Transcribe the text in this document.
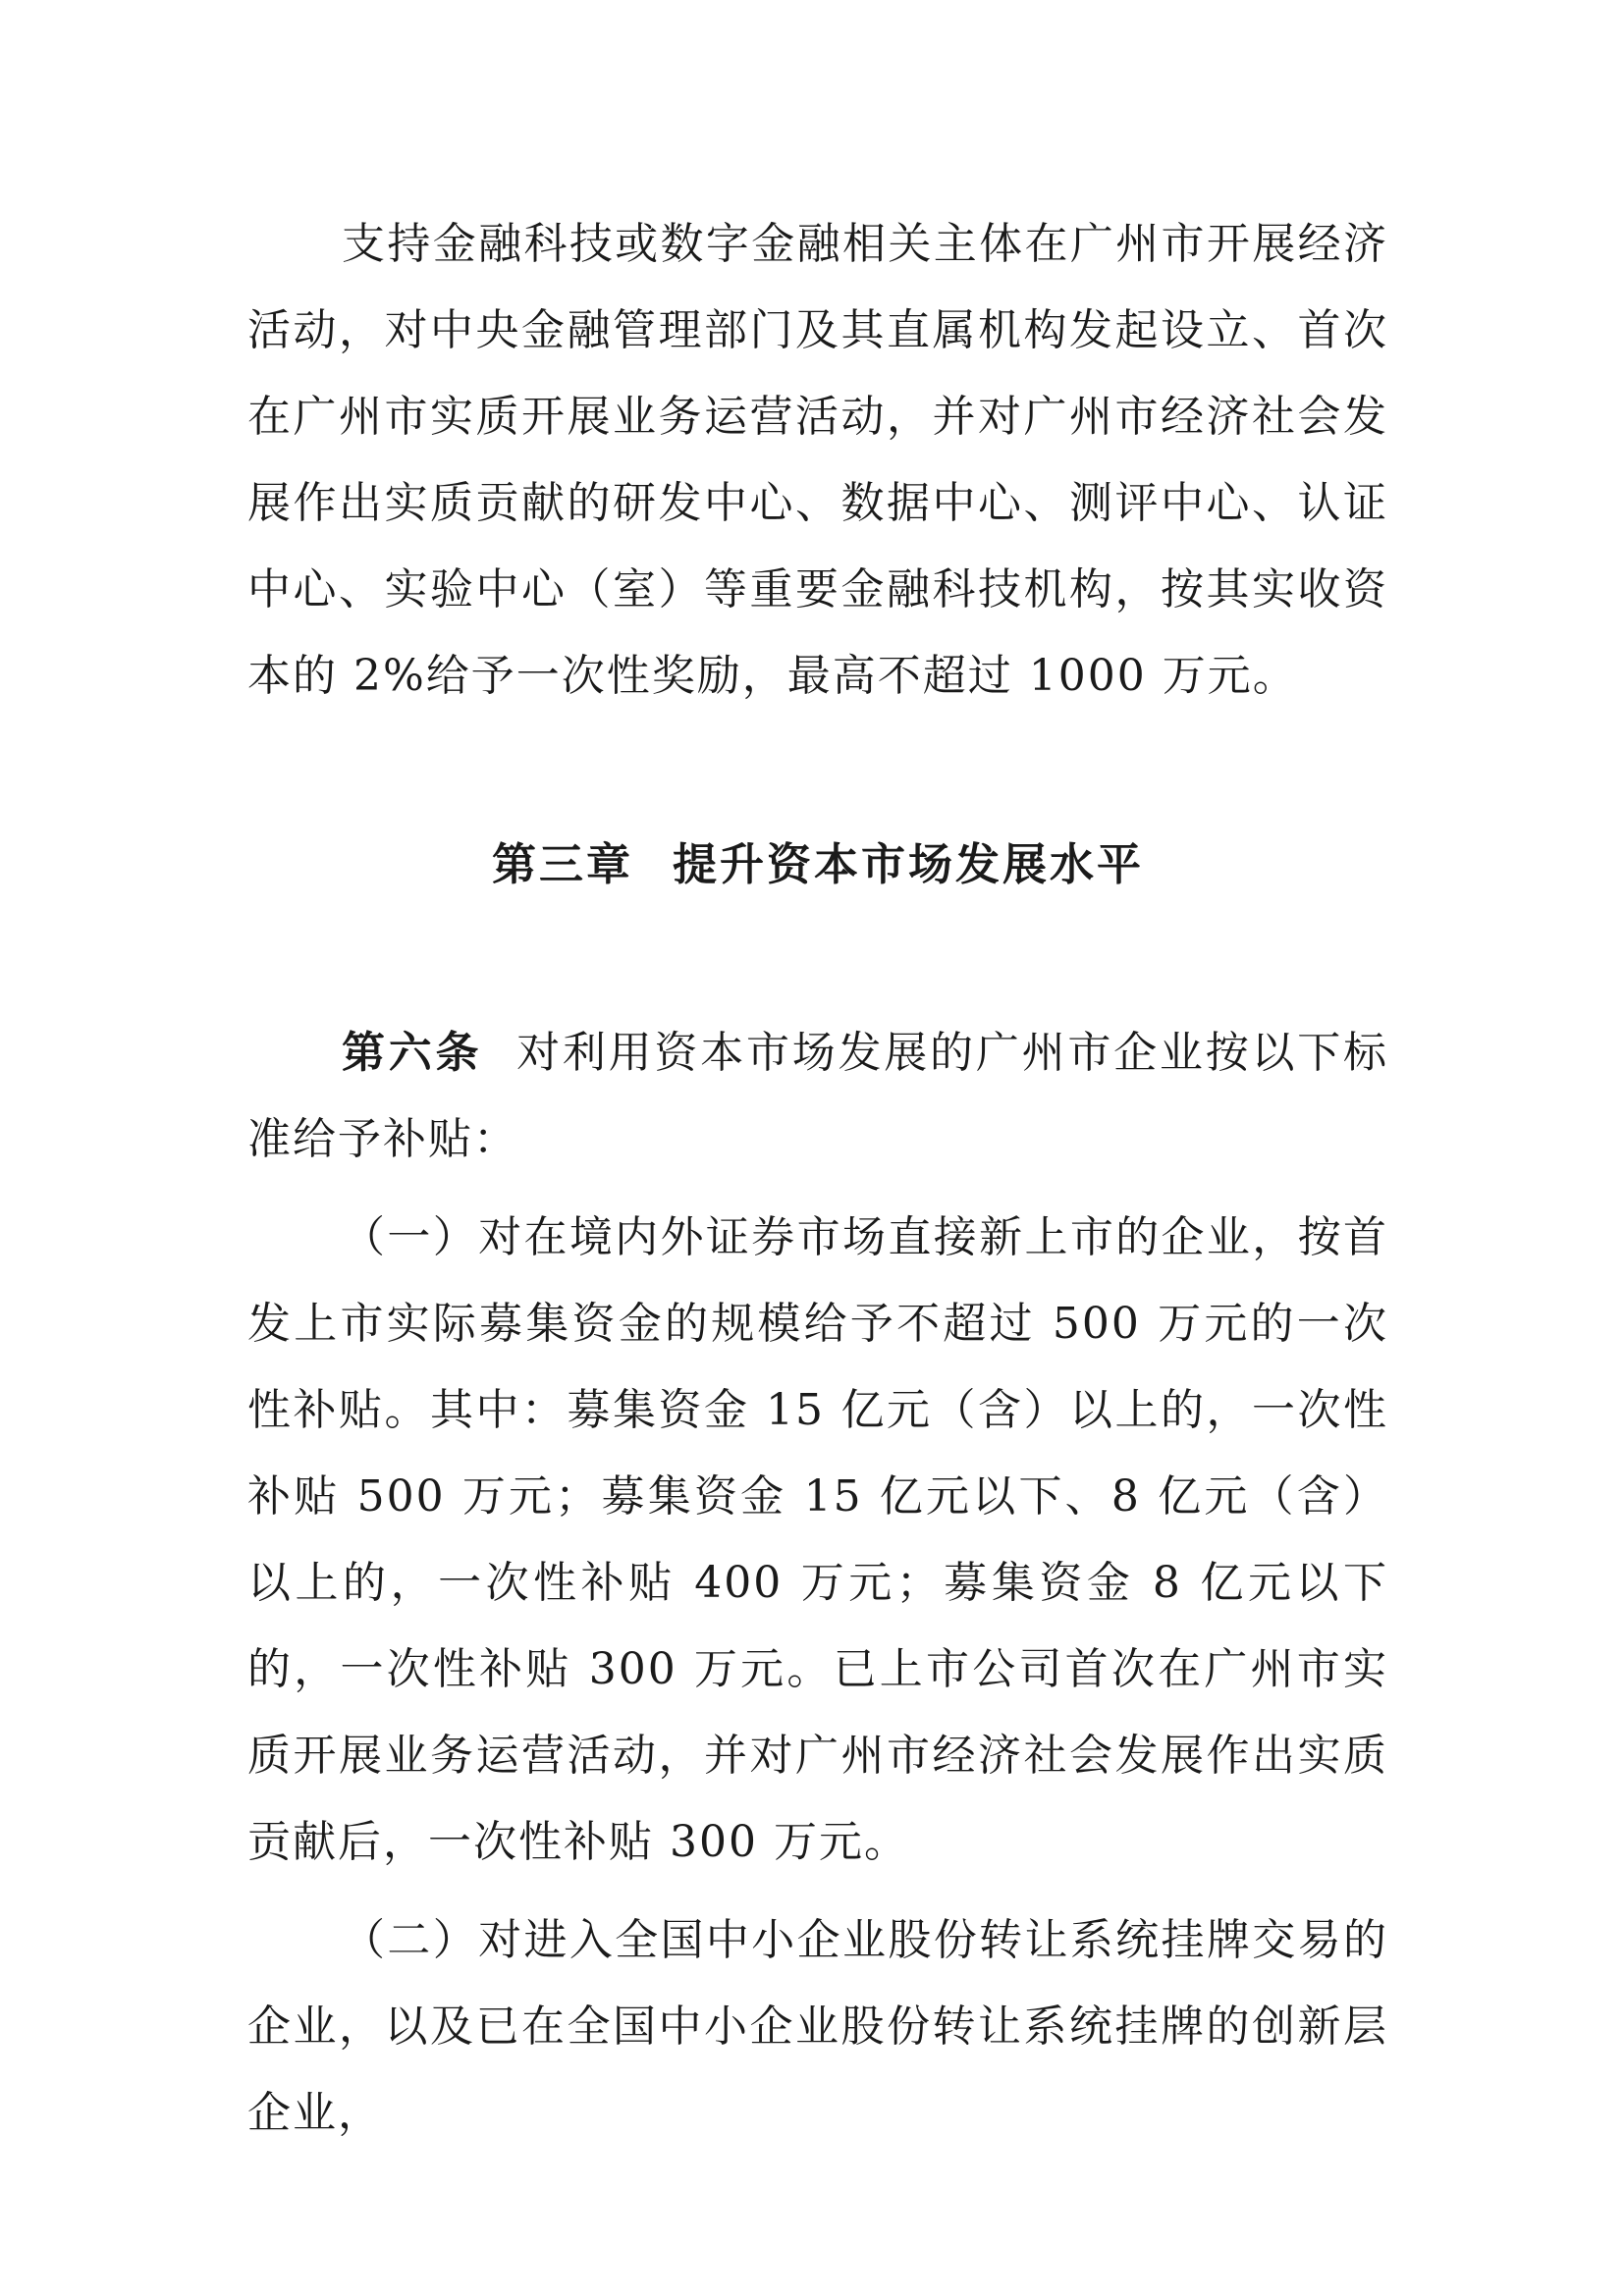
支持金融科技或数字金融相关主体在广州市开展经济活动，对中央金融管理部门及其直属机构发起设立、首次在广州市实质开展业务运营活动，并对广州市经济社会发展作出实质贡献的研发中心、数据中心、测评中心、认证中心、实验中心（室）等重要金融科技机构，按其实收资本的 2%给予一次性奖励，最高不超过 1000 万元。

第三章 提升资本市场发展水平

第六条 对利用资本市场发展的广州市企业按以下标准给予补贴：

（一）对在境内外证券市场直接新上市的企业，按首发上市实际募集资金的规模给予不超过 500 万元的一次性补贴。其中：募集资金 15 亿元（含）以上的，一次性补贴 500 万元；募集资金 15 亿元以下、8 亿元（含）以上的，一次性补贴 400 万元；募集资金 8 亿元以下的，一次性补贴 300 万元。已上市公司首次在广州市实质开展业务运营活动，并对广州市经济社会发展作出实质贡献后，一次性补贴 300 万元。

（二）对进入全国中小企业股份转让系统挂牌交易的企业，以及已在全国中小企业股份转让系统挂牌的创新层企业，
